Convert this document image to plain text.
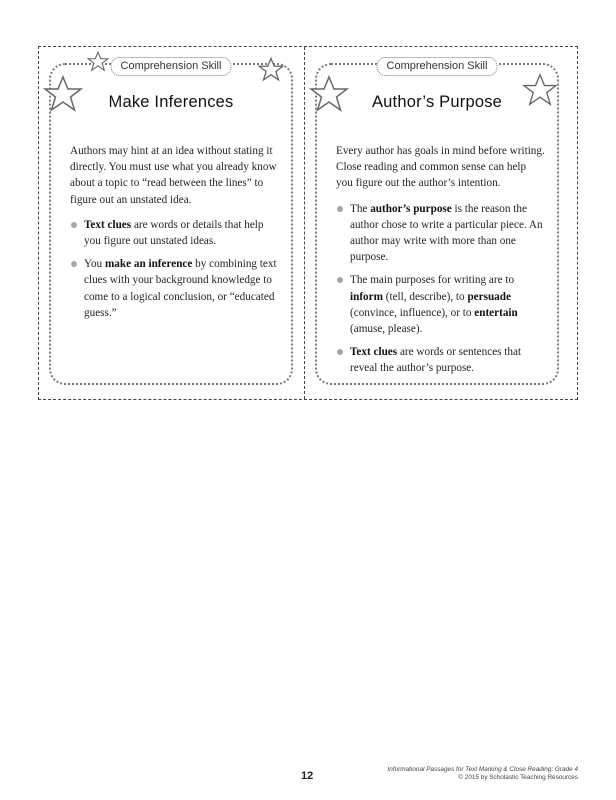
Comprehension Skill
Make Inferences

Authors may hint at an idea without stating it directly. You must use what you already know about a topic to “read between the lines” to figure out an unstated idea.

Text clues are words or details that help you figure out unstated ideas.
You make an inference by combining text clues with your background knowledge to come to a logical conclusion, or “educated guess.”
Comprehension Skill
Author’s Purpose

Every author has goals in mind before writing. Close reading and common sense can help you figure out the author’s intention.

The author’s purpose is the reason the author chose to write a particular piece. An author may write with more than one purpose.
The main purposes for writing are to inform (tell, describe), to persuade (convince, influence), or to entertain (amuse, please).
Text clues are words or sentences that reveal the author’s purpose.
12
Informational Passages for Text Marking & Close Reading: Grade 4
© 2015 by Scholastic Teaching Resources
